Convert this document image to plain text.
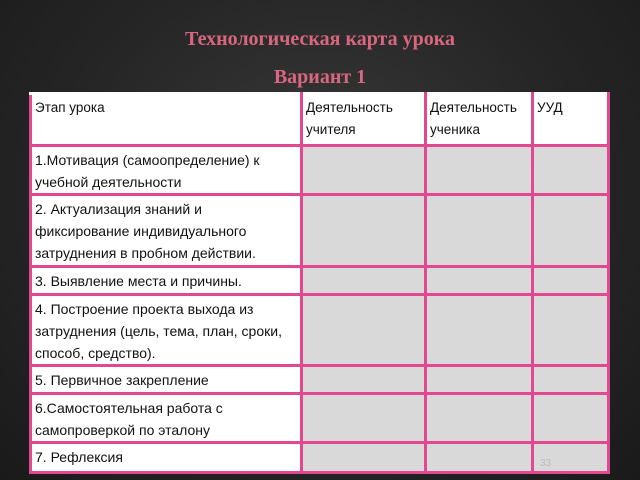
Технологическая карта урока
Вариант 1
Этап урока	Деятельность учителя	Деятельность ученика	УУД
1.Мотивация (самоопределение) к учебной деятельности			
2. Актуализация знаний и фиксирование индивидуального затруднения в пробном действии.			
3. Выявление места и причины.			
4. Построение проекта выхода из затруднения (цель, тема, план, сроки, способ, средство).			
5. Первичное закрепление			
6.Самостоятельная работа с самопроверкой по эталону			
7. Рефлексия				33
